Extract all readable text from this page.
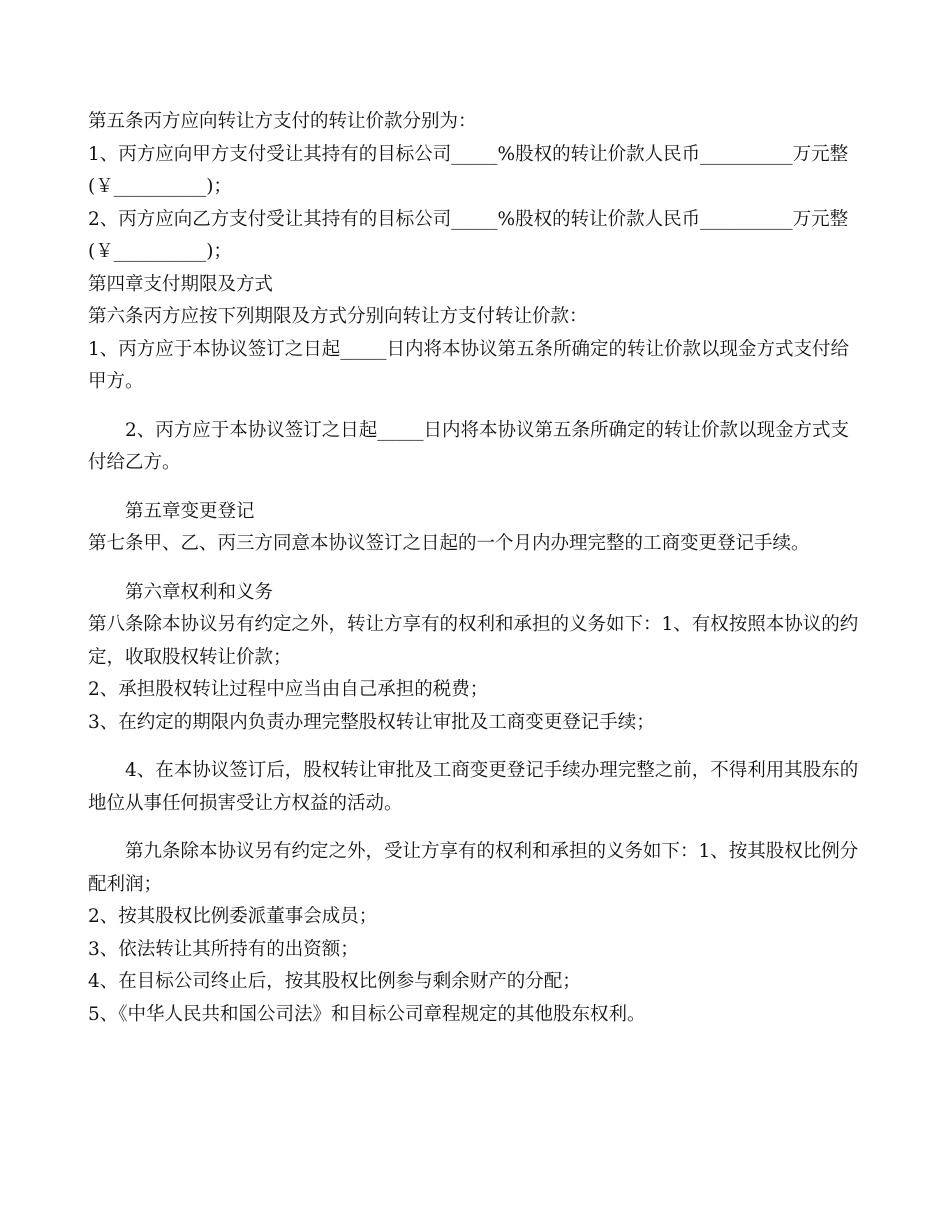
第五条丙方应向转让方支付的转让价款分别为：

1、丙方应向甲方支付受让其持有的目标公司_____%股权的转让价款人民币__________万元整(￥__________)；

2、丙方应向乙方支付受让其持有的目标公司_____%股权的转让价款人民币__________万元整(￥__________)；

第四章支付期限及方式

第六条丙方应按下列期限及方式分别向转让方支付转让价款：

1、丙方应于本协议签订之日起_____日内将本协议第五条所确定的转让价款以现金方式支付给甲方。

2、丙方应于本协议签订之日起_____日内将本协议第五条所确定的转让价款以现金方式支付给乙方。

第五章变更登记

第七条甲、乙、丙三方同意本协议签订之日起的一个月内办理完整的工商变更登记手续。

第六章权利和义务

第八条除本协议另有约定之外，转让方享有的权利和承担的义务如下：1、有权按照本协议的约定，收取股权转让价款；

2、承担股权转让过程中应当由自己承担的税费；

3、在约定的期限内负责办理完整股权转让审批及工商变更登记手续；

4、在本协议签订后，股权转让审批及工商变更登记手续办理完整之前，不得利用其股东的地位从事任何损害受让方权益的活动。

第九条除本协议另有约定之外，受让方享有的权利和承担的义务如下：1、按其股权比例分配利润；

2、按其股权比例委派董事会成员；

3、依法转让其所持有的出资额；

4、在目标公司终止后，按其股权比例参与剩余财产的分配；

5、《中华人民共和国公司法》和目标公司章程规定的其他股东权利。
